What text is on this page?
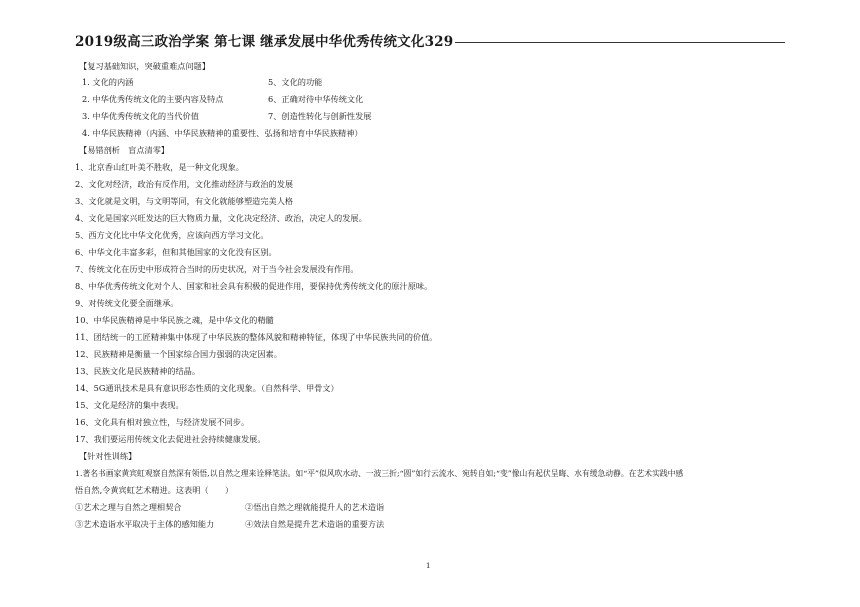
2019级高三政治学案 第七课 继承发展中华优秀传统文化329
【复习基础知识，突破重难点问题】
1. 文化的内涵	5、文化的功能
2. 中华优秀传统文化的主要内容及特点	6、正确对待中华传统文化
3. 中华优秀传统文化的当代价值	7、创造性转化与创新性发展
4. 中华民族精神（内涵、中华民族精神的重要性、弘扬和培育中华民族精神）
【易错剖析　盲点清零】
1、北京香山红叶美不胜收，是一种文化现象。
2、文化对经济，政治有反作用，文化推动经济与政治的发展
3、文化就是文明，与文明等同，有文化就能够塑造完美人格
4、文化是国家兴旺发达的巨大物质力量，文化决定经济、政治，决定人的发展。
5、西方文化比中华文化优秀，应该向西方学习文化。
6、中华文化丰富多彩，但和其他国家的文化没有区别。
7、传统文化在历史中形成符合当时的历史状况，对于当今社会发展没有作用。
8、中华优秀传统文化对个人、国家和社会具有积极的促进作用，要保持优秀传统文化的原汁原味。
9、对传统文化要全面继承。
10、中华民族精神是中华民族之魂，是中华文化的精髓
11、团结统一的工匠精神集中体现了中华民族的整体风貌和精神特征，体现了中华民族共同的价值。
12、民族精神是衡量一个国家综合国力强弱的决定因素。
13、民族文化是民族精神的结晶。
14、5G通讯技术是具有意识形态性质的文化现象。（自然科学、甲骨文）
15、文化是经济的集中表现。
16、文化具有相对独立性，与经济发展不同步。
17、我们要运用传统文化去促进社会持续健康发展。
【针对性训练】
1.著名书画家黄宾虹观察自然深有领悟,以自然之理来诠释笔法。如“平”似风吹水动、一波三折;“圆”如行云流水、宛转自如;“变”像山有起伏呈晦、水有缓急动静。在艺术实践中感
悟自然,令黄宾虹艺术精进。这表明（　　）
①艺术之理与自然之理相契合	②悟出自然之理就能提升人的艺术造诣
③艺术造诣水平取决于主体的感知能力	④效法自然是提升艺术造诣的重要方法
1
